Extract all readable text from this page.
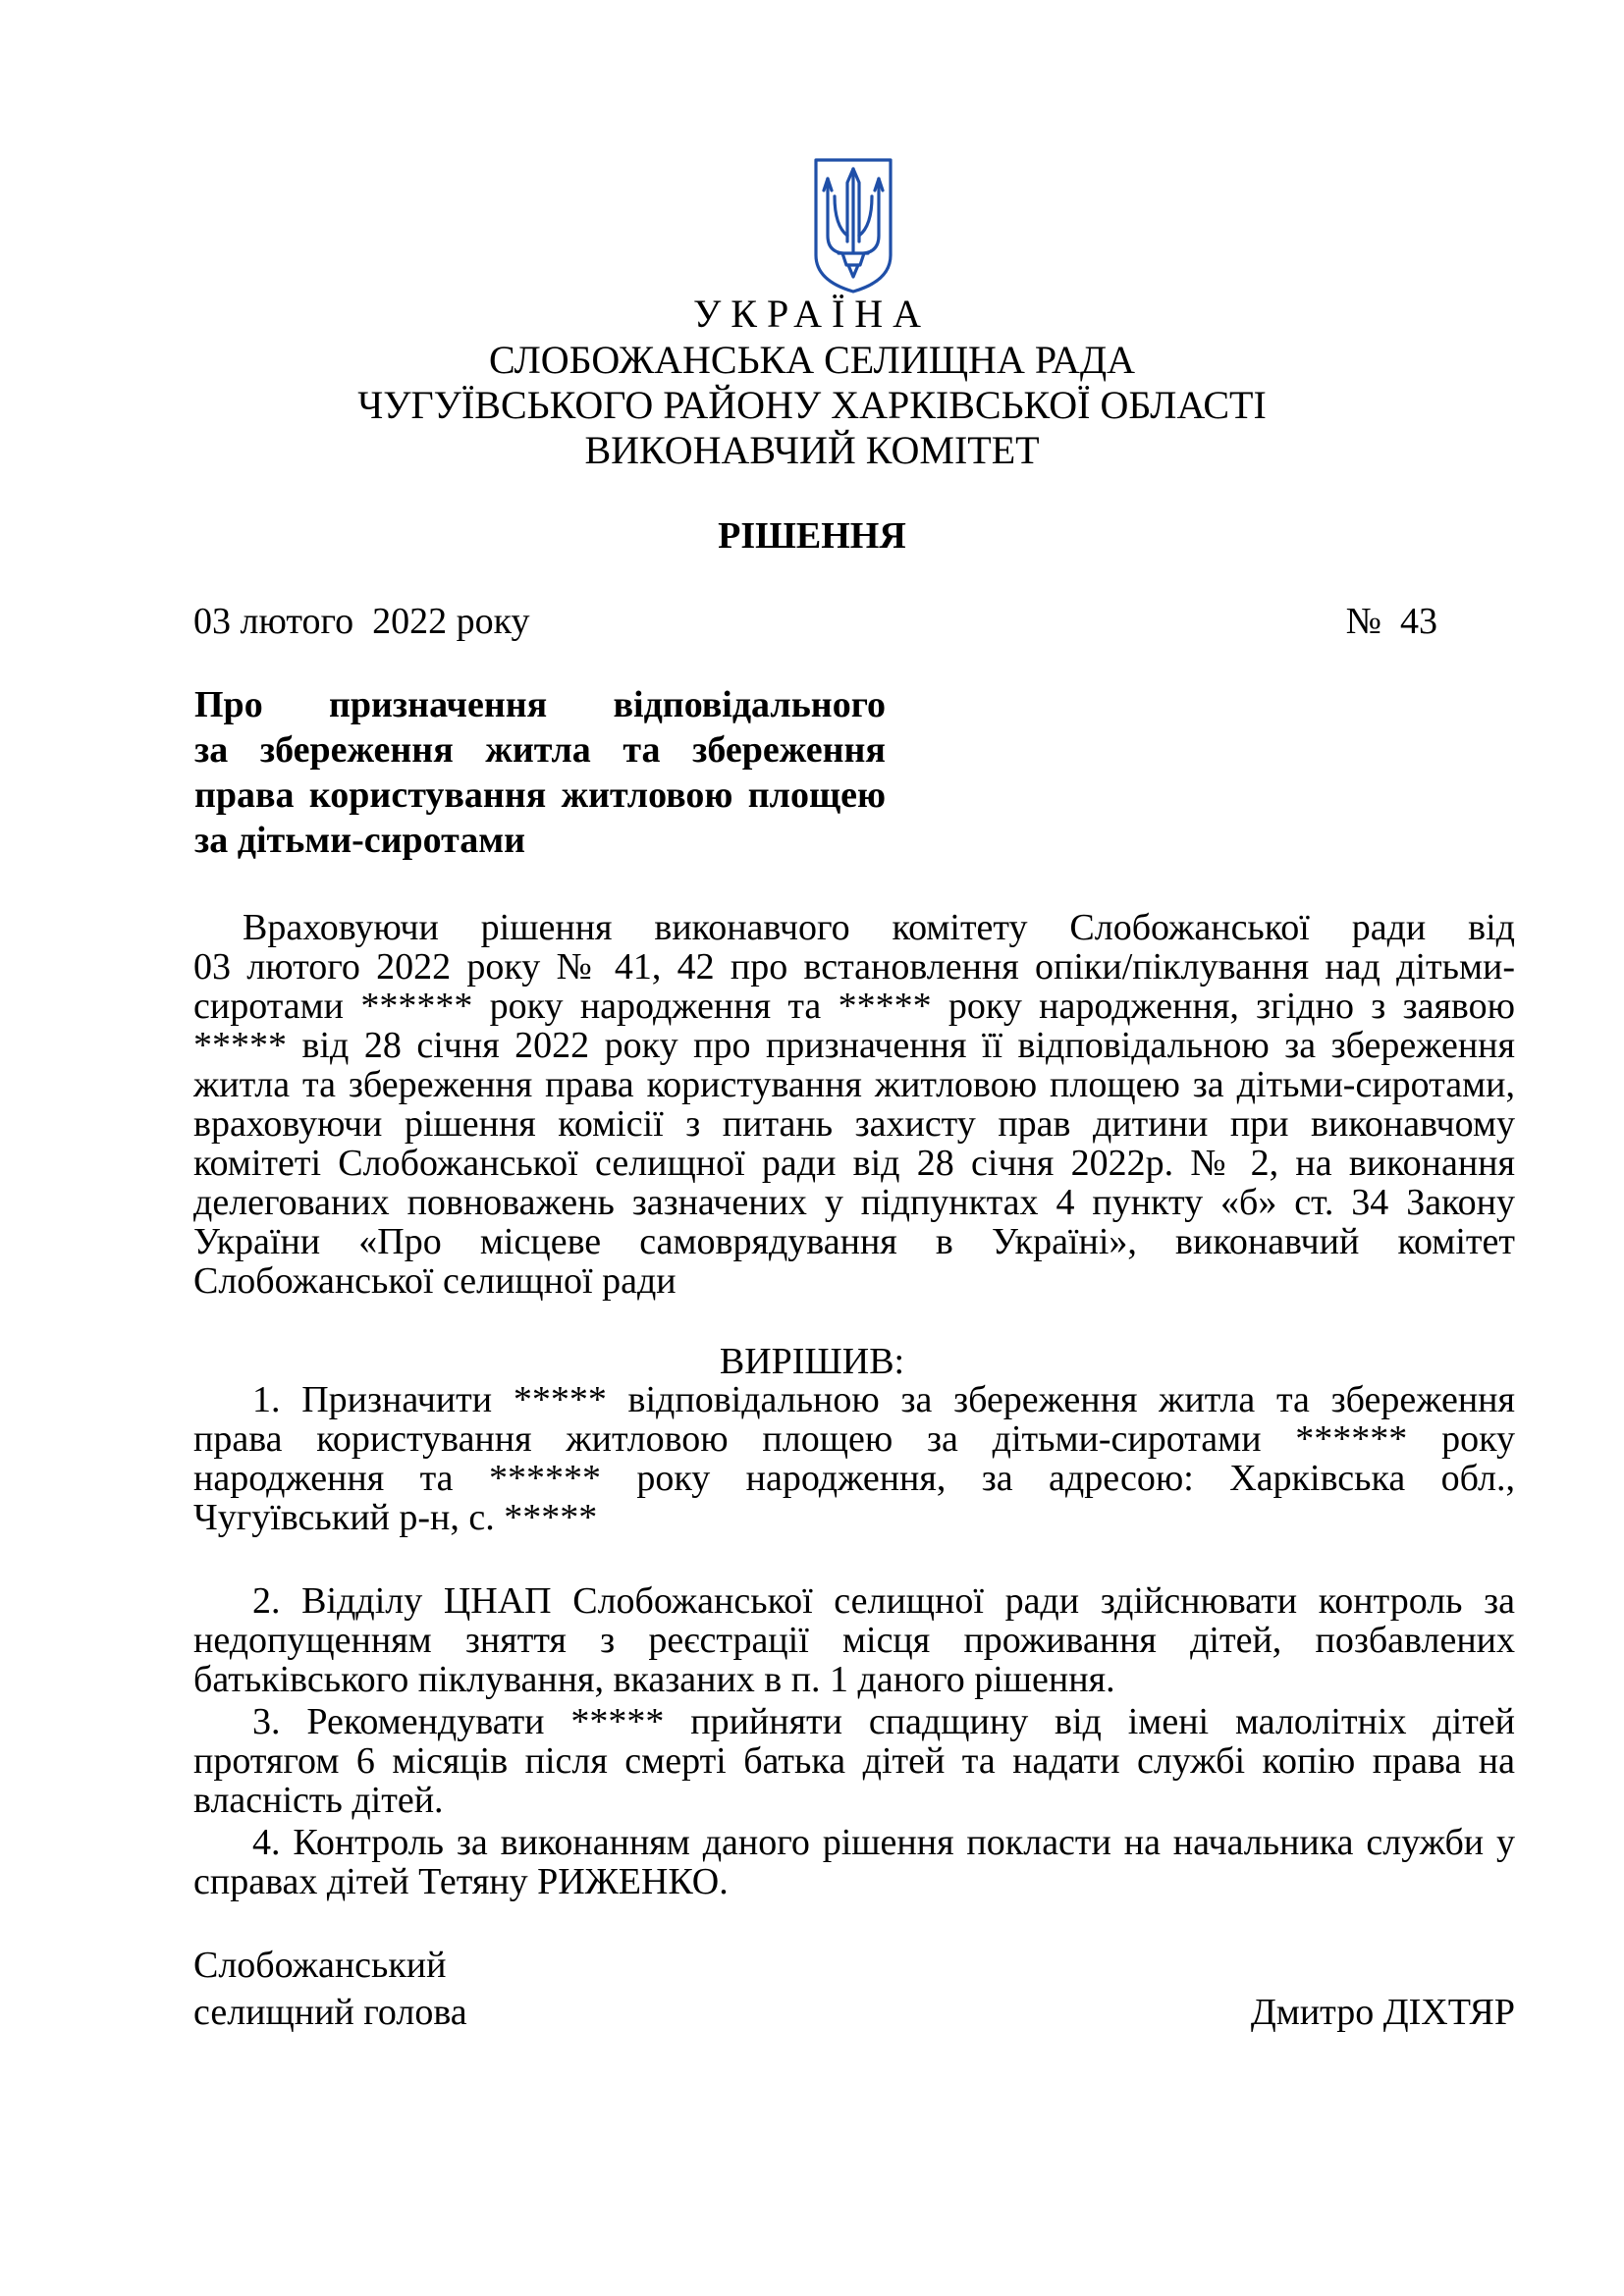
УКРАЇНА
СЛОБОЖАНСЬКА СЕЛИЩНА РАДА
ЧУГУЇВСЬКОГО РАЙОНУ ХАРКІВСЬКОЇ ОБЛАСТІ
ВИКОНАВЧИЙ КОМІТЕТ
РІШЕННЯ
03 лютого  2022 року	№  43
Про призначення відповідального
за збереження житла та збереження
права користування житловою площею
за дітьми-сиротами
Враховуючи рішення виконавчого комітету Слобожанської ради від
03 лютого 2022 року № 41, 42 про встановлення опіки/піклування над дітьми-
сиротами ****** року народження та ***** року народження, згідно з заявою
***** від 28 січня 2022 року про призначення її відповідальною за збереження
житла та збереження права користування житловою площею за дітьми-сиротами,
враховуючи рішення комісії з питань захисту прав дитини при виконавчому
комітеті Слобожанської селищної ради від 28 січня 2022р. № 2, на виконання
делегованих повноважень зазначених у підпунктах 4 пункту «б» ст. 34 Закону
України «Про місцеве самоврядування в Україні», виконавчий комітет
Слобожанської селищної ради
ВИРІШИВ:
1. Призначити ***** відповідальною за збереження житла та збереження
права користування житловою площею за дітьми-сиротами ****** року
народження та ****** року народження, за адресою: Харківська обл.,
Чугуївський р-н, с. *****
2. Відділу ЦНАП Слобожанської селищної ради здійснювати контроль за
недопущенням зняття з реєстрації місця проживання дітей, позбавлених
батьківського піклування, вказаних в п. 1 даного рішення.
3. Рекомендувати ***** прийняти спадщину від імені малолітніх дітей
протягом 6 місяців після смерті батька дітей та надати службі копію права на
власність дітей.
4. Контроль за виконанням даного рішення покласти на начальника служби у
справах дітей Тетяну РИЖЕНКО.
Слобожанський
селищний голова	Дмитро ДІХТЯР
